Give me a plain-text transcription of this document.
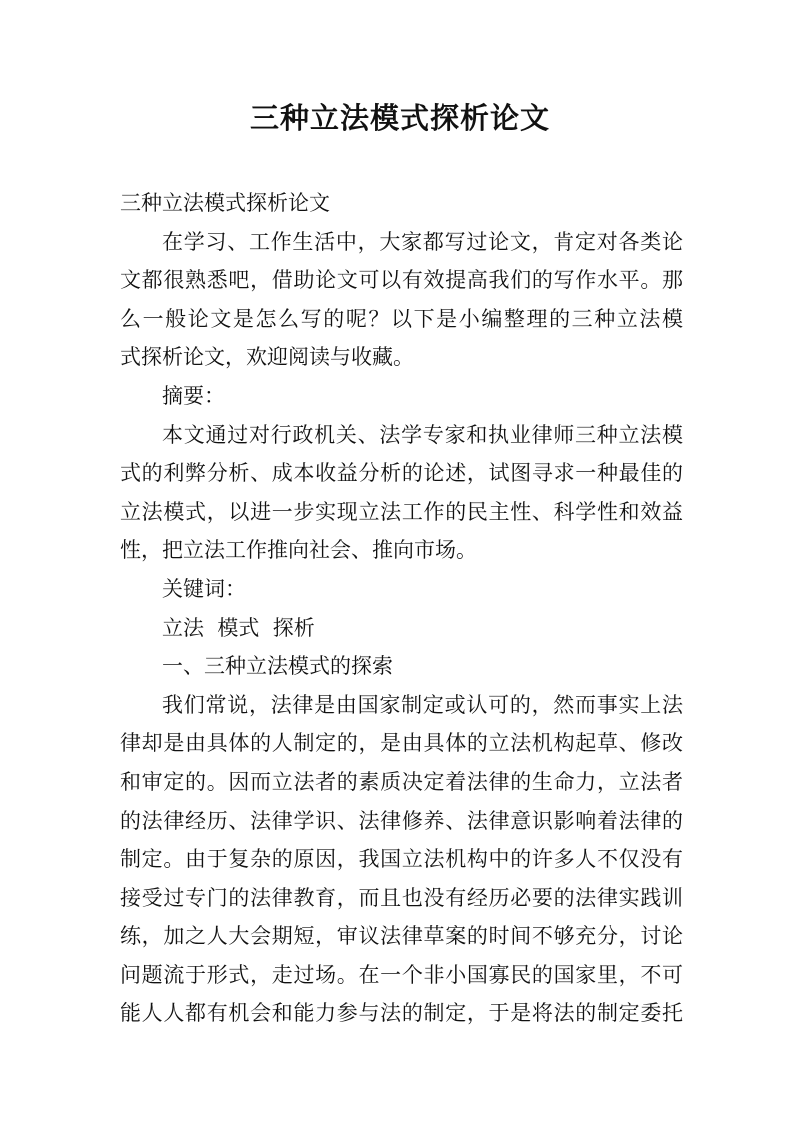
三种立法模式探析论文

三种立法模式探析论文

在学习、工作生活中，大家都写过论文，肯定对各类论

文都很熟悉吧，借助论文可以有效提高我们的写作水平。那

么一般论文是怎么写的呢？以下是小编整理的三种立法模

式探析论文，欢迎阅读与收藏。

摘要：

本文通过对行政机关、法学专家和执业律师三种立法模

式的利弊分析、成本收益分析的论述，试图寻求一种最佳的

立法模式，以进一步实现立法工作的民主性、科学性和效益

性，把立法工作推向社会、推向市场。

关键词：

立法  模式  探析

一、三种立法模式的探索

我们常说，法律是由国家制定或认可的，然而事实上法

律却是由具体的人制定的，是由具体的立法机构起草、修改

和审定的。因而立法者的素质决定着法律的生命力，立法者

的法律经历、法律学识、法律修养、法律意识影响着法律的

制定。由于复杂的原因，我国立法机构中的许多人不仅没有

接受过专门的法律教育，而且也没有经历必要的法律实践训

练，加之人大会期短，审议法律草案的时间不够充分，讨论

问题流于形式，走过场。在一个非小国寡民的国家里，不可

能人人都有机会和能力参与法的制定，于是将法的制定委托
